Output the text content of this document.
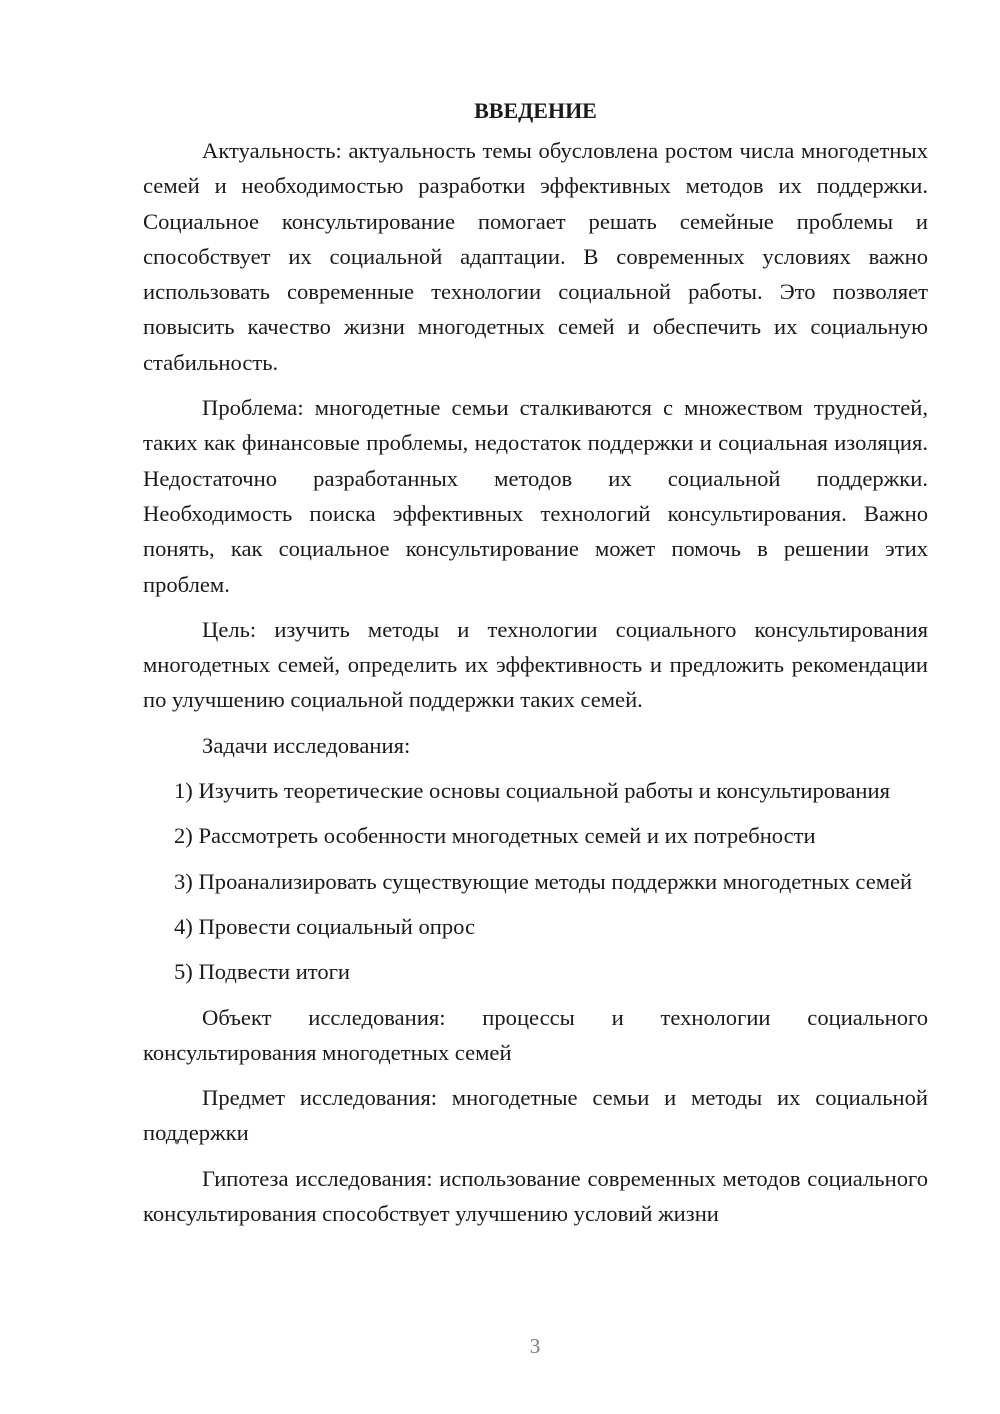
ВВЕДЕНИЕ

Актуальность: актуальность темы обусловлена ростом числа многодетных семей и необходимостью разработки эффективных методов их поддержки. Социальное консультирование помогает решать семейные проблемы и способствует их социальной адаптации. В современных условиях важно использовать современные технологии социальной работы. Это позволяет повысить качество жизни многодетных семей и обеспечить их социальную стабильность.

Проблема: многодетные семьи сталкиваются с множеством трудностей, таких как финансовые проблемы, недостаток поддержки и социальная изоляция. Недостаточно разработанных методов их социальной поддержки. Необходимость поиска эффективных технологий консультирования. Важно понять, как социальное консультирование может помочь в решении этих проблем.

Цель: изучить методы и технологии социального консультирования многодетных семей, определить их эффективность и предложить рекомендации по улучшению социальной поддержки таких семей.

Задачи исследования:

1) Изучить теоретические основы социальной работы и консультирования

2) Рассмотреть особенности многодетных семей и их потребности

3) Проанализировать существующие методы поддержки многодетных семей

4) Провести социальный опрос

5) Подвести итоги

Объект исследования: процессы и технологии социального консультирования многодетных семей

Предмет исследования: многодетные семьи и методы их социальной поддержки

Гипотеза исследования: использование современных методов социального консультирования способствует улучшению условий жизни

3
